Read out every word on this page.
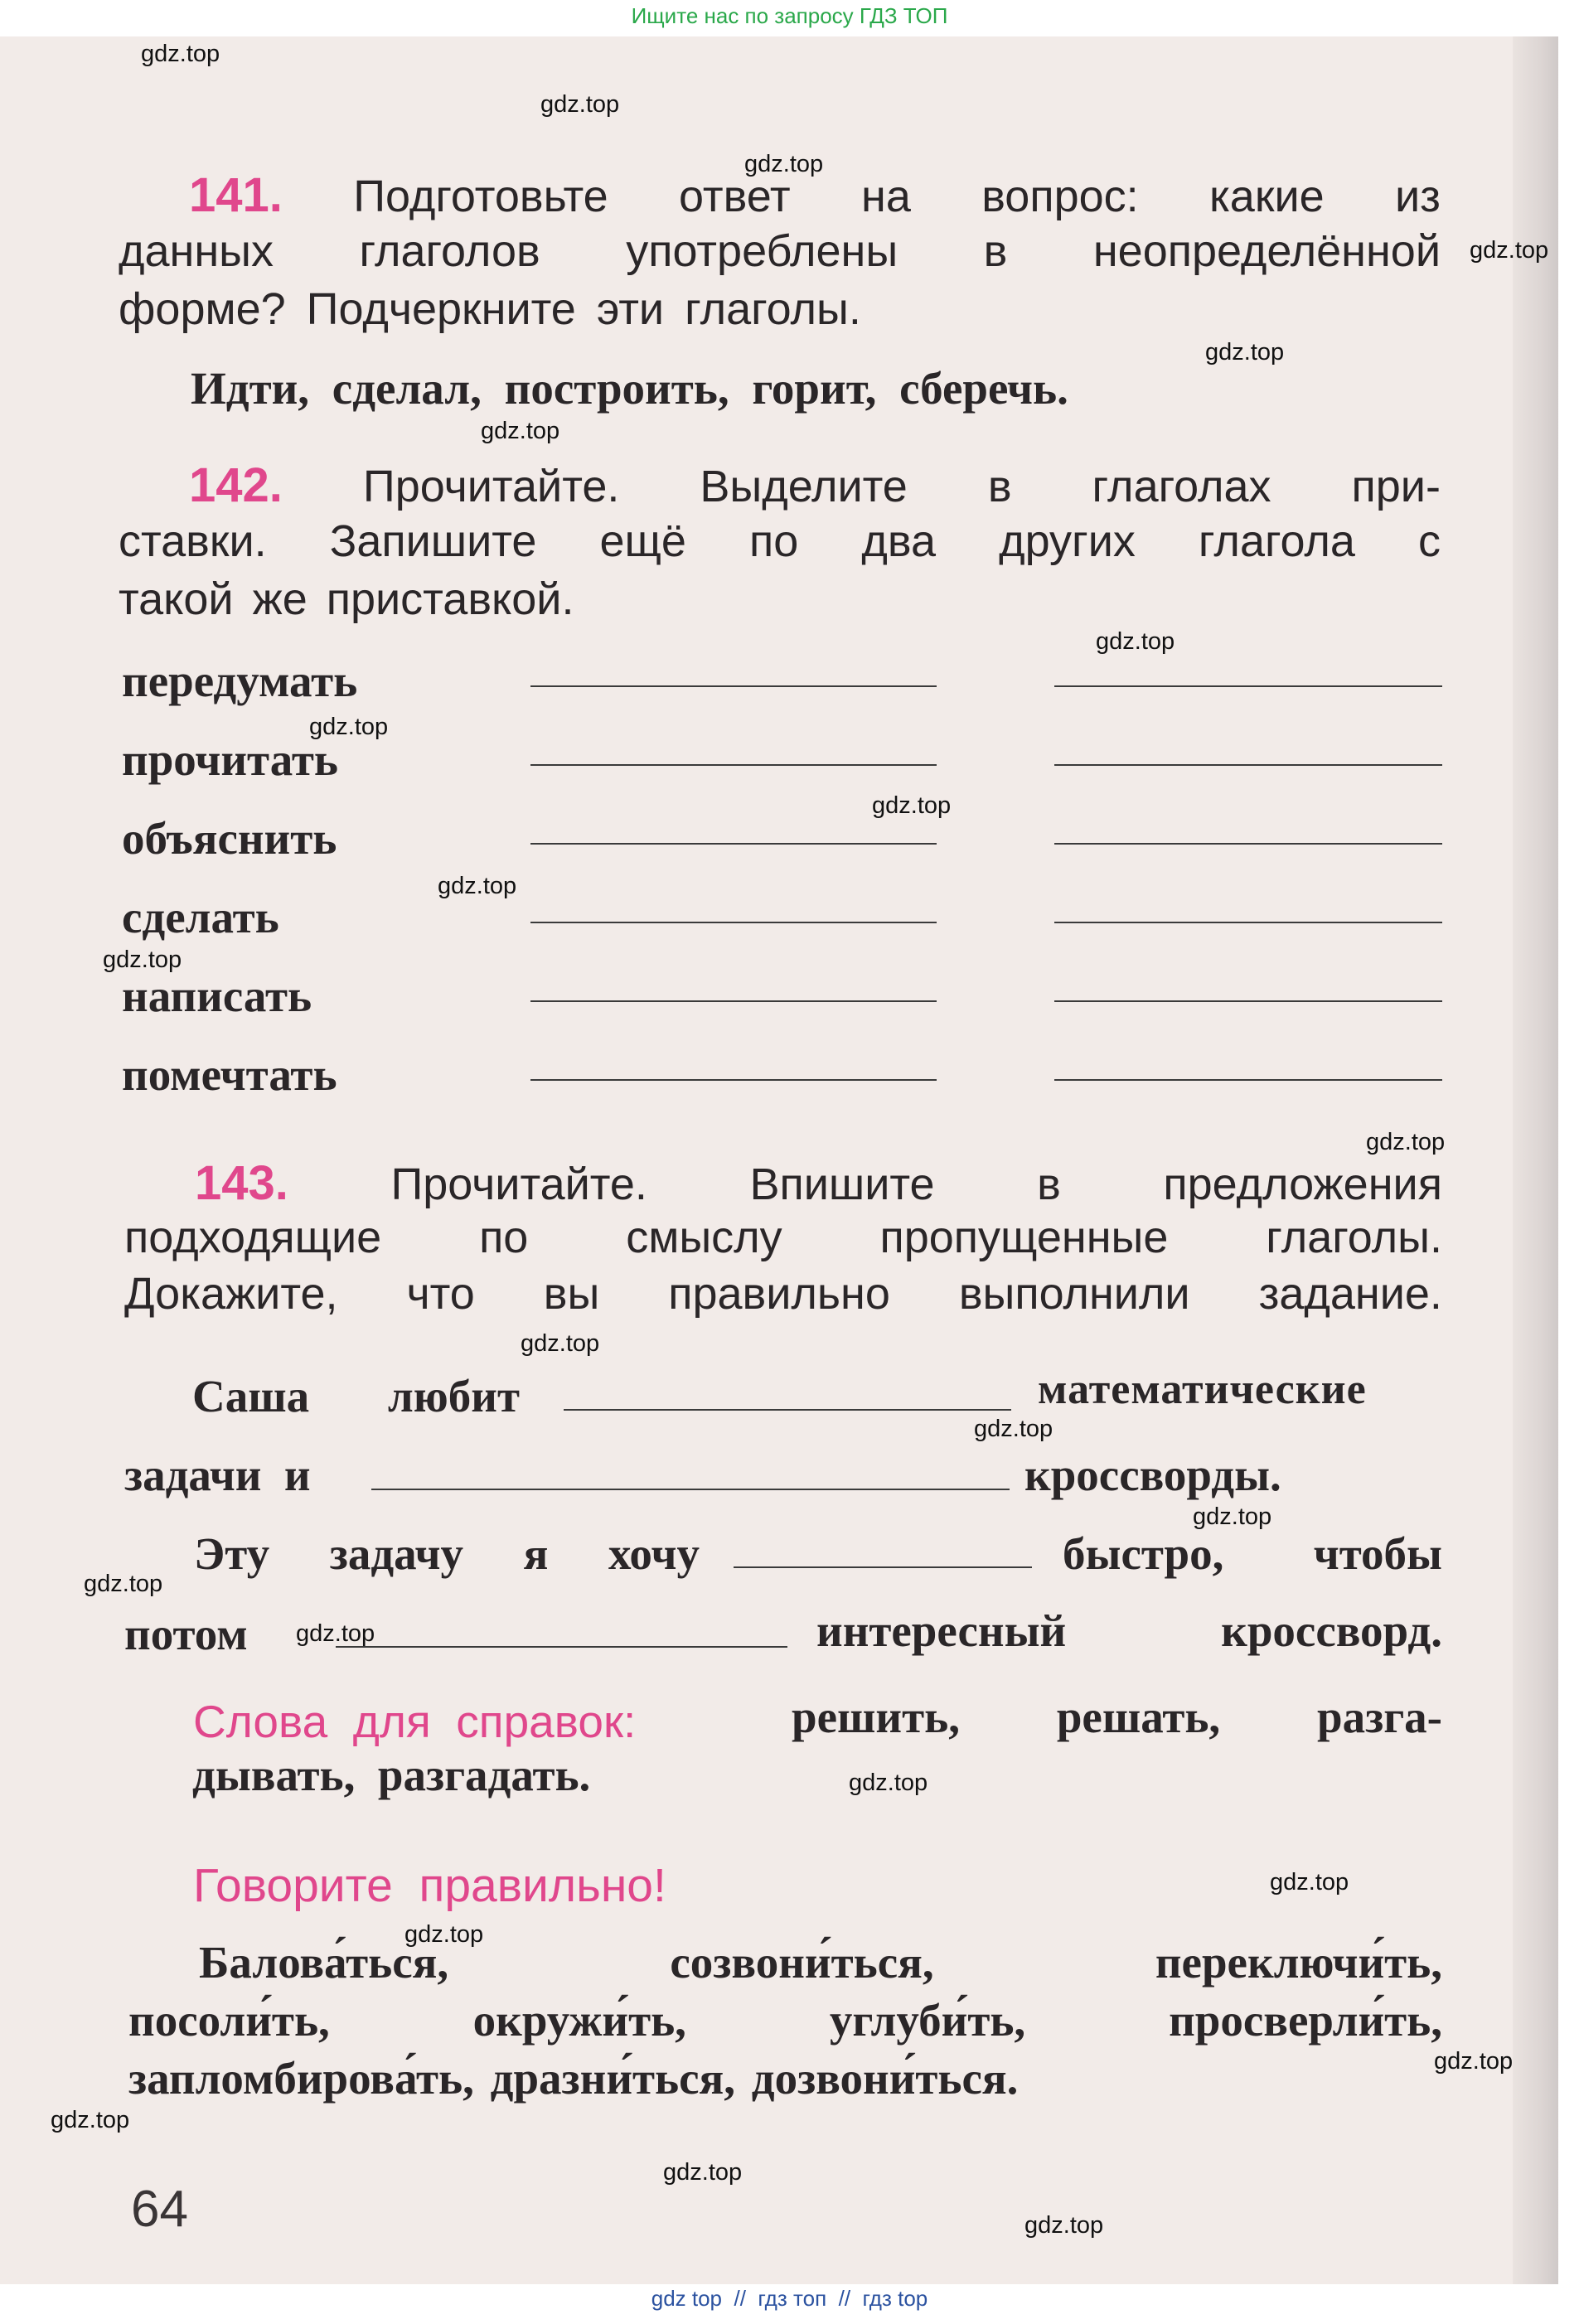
Ищите нас по запросу ГДЗ ТОП
141. Подготовьте ответ на вопрос: какие из
данных глаголов употреблены в неопределённой
форме? Подчеркните эти глаголы.
Идти, сделал, построить, горит, сберечь.
142. Прочитайте. Выделите в глаголах при-
ставки. Запишите ещё по два других глагола с
такой же приставкой.
передумать
прочитать
объяснить
сделать
написать
помечтать
143. Прочитайте. Впишите в предложения
подходящие по смыслу пропущенные глаголы.
Докажите, что вы правильно выполнили задание.
Саша любит	математические
задачи  и	кроссворды.
Эту задачу я хочу	быстро, чтобы
потом	интересный	кроссворд.
Слова  для  справок:	решить, решать, разга-
дывать,  разгадать.
Говорите  правильно!
Балова́ться,	созвони́ться,	переключи́ть,
посоли́ть,	окружи́ть,	углуби́ть,	просверли́ть,
запломбирова́ть, дразни́ться, дозвони́ться.
64
gdz.top
gdz.top
gdz.top
gdz.top
gdz.top
gdz.top
gdz.top
gdz.top
gdz.top
gdz.top
gdz.top
gdz.top
gdz.top
gdz.top
gdz.top
gdz.top
gdz.top
gdz.top
gdz.top
gdz.top
gdz.top
gdz.top
gdz.top
gdz.top
gdz top  //  гдз топ  //  гдз top
